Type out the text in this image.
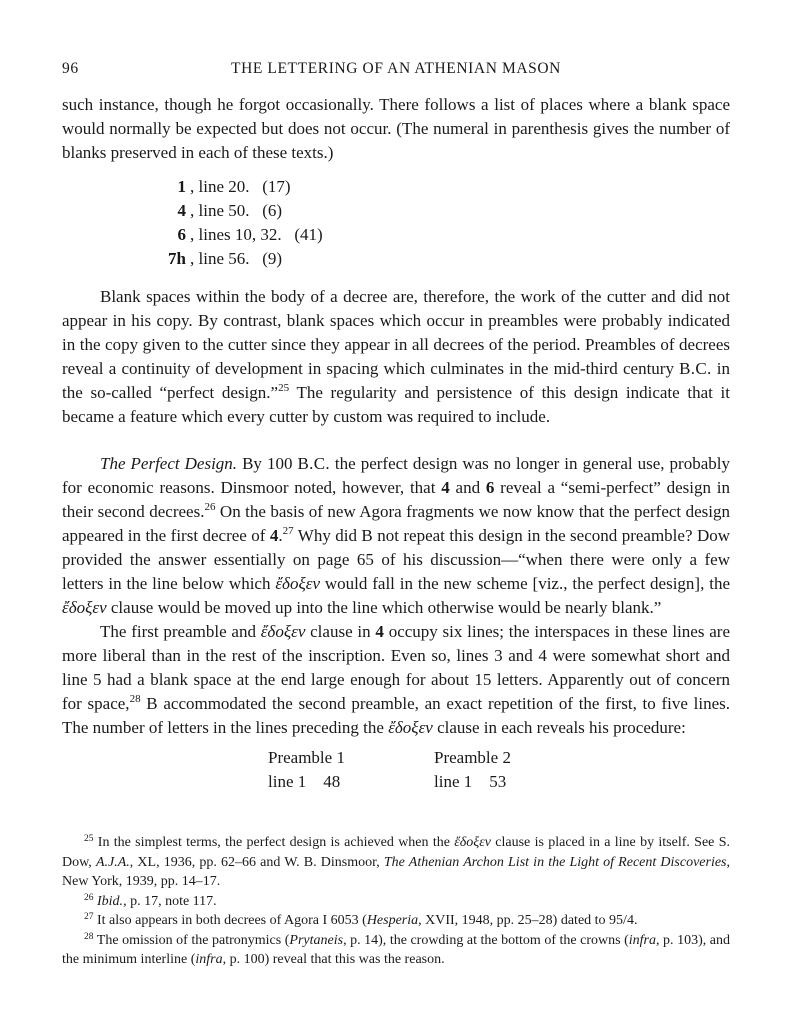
96	THE LETTERING OF AN ATHENIAN MASON

such instance, though he forgot occasionally. There follows a list of places where a blank space would normally be expected but does not occur. (The numeral in parenthesis gives the number of blanks preserved in each of these texts.)

1 , line 20.   (17)
4 , line 50.   (6)
6 , lines 10, 32.   (41)
7h , line 56.   (9)

Blank spaces within the body of a decree are, therefore, the work of the cutter and did not appear in his copy. By contrast, blank spaces which occur in preambles were probably indicated in the copy given to the cutter since they appear in all decrees of the period. Preambles of decrees reveal a continuity of development in spacing which culminates in the mid-third century B.C. in the so-called “perfect design.”$^{25}$ The regularity and persistence of this design indicate that it became a feature which every cutter by custom was required to include.

The Perfect Design. By 100 B.C. the perfect design was no longer in general use, probably for economic reasons. Dinsmoor noted, however, that 4 and 6 reveal a “semi-perfect” design in their second decrees.$^{26}$ On the basis of new Agora fragments we now know that the perfect design appeared in the first decree of 4.27 Why did B not repeat this design in the second preamble? Dow provided the answer essentially on page 65 of his discussion—“when there were only a few letters in the line below which ἔδοξεν would fall in the new scheme [viz., the perfect design], the ἔδοξεν clause would be moved up into the line which otherwise would be nearly blank.”

The first preamble and ἔδοξεν clause in 4 occupy six lines; the interspaces in these lines are more liberal than in the rest of the inscription. Even so, lines 3 and 4 were somewhat short and line 5 had a blank space at the end large enough for about 15 letters. Apparently out of concern for space,$^{28}$ B accommodated the second preamble, an exact repetition of the first, to five lines. The number of letters in the lines preceding the ἔδοξεν clause in each reveals his procedure:

Preamble 1
line 1    48
Preamble 2
line 1    53

$^{25}$ In the simplest terms, the perfect design is achieved when the ἔδοξεν clause is placed in a line by itself. See S. Dow, A.J.A., XL, 1936, pp. 62–66 and W. B. Dinsmoor, The Athenian Archon List in the Light of Recent Discoveries, New York, 1939, pp. 14–17.

$^{26}$ Ibid., p. 17, note 117.

$^{27}$ It also appears in both decrees of Agora I 6053 (Hesperia, XVII, 1948, pp. 25–28) dated to 95/4.

$^{28}$ The omission of the patronymics (Prytaneis, p. 14), the crowding at the bottom of the crowns (infra, p. 103), and the minimum interline (infra, p. 100) reveal that this was the reason.
